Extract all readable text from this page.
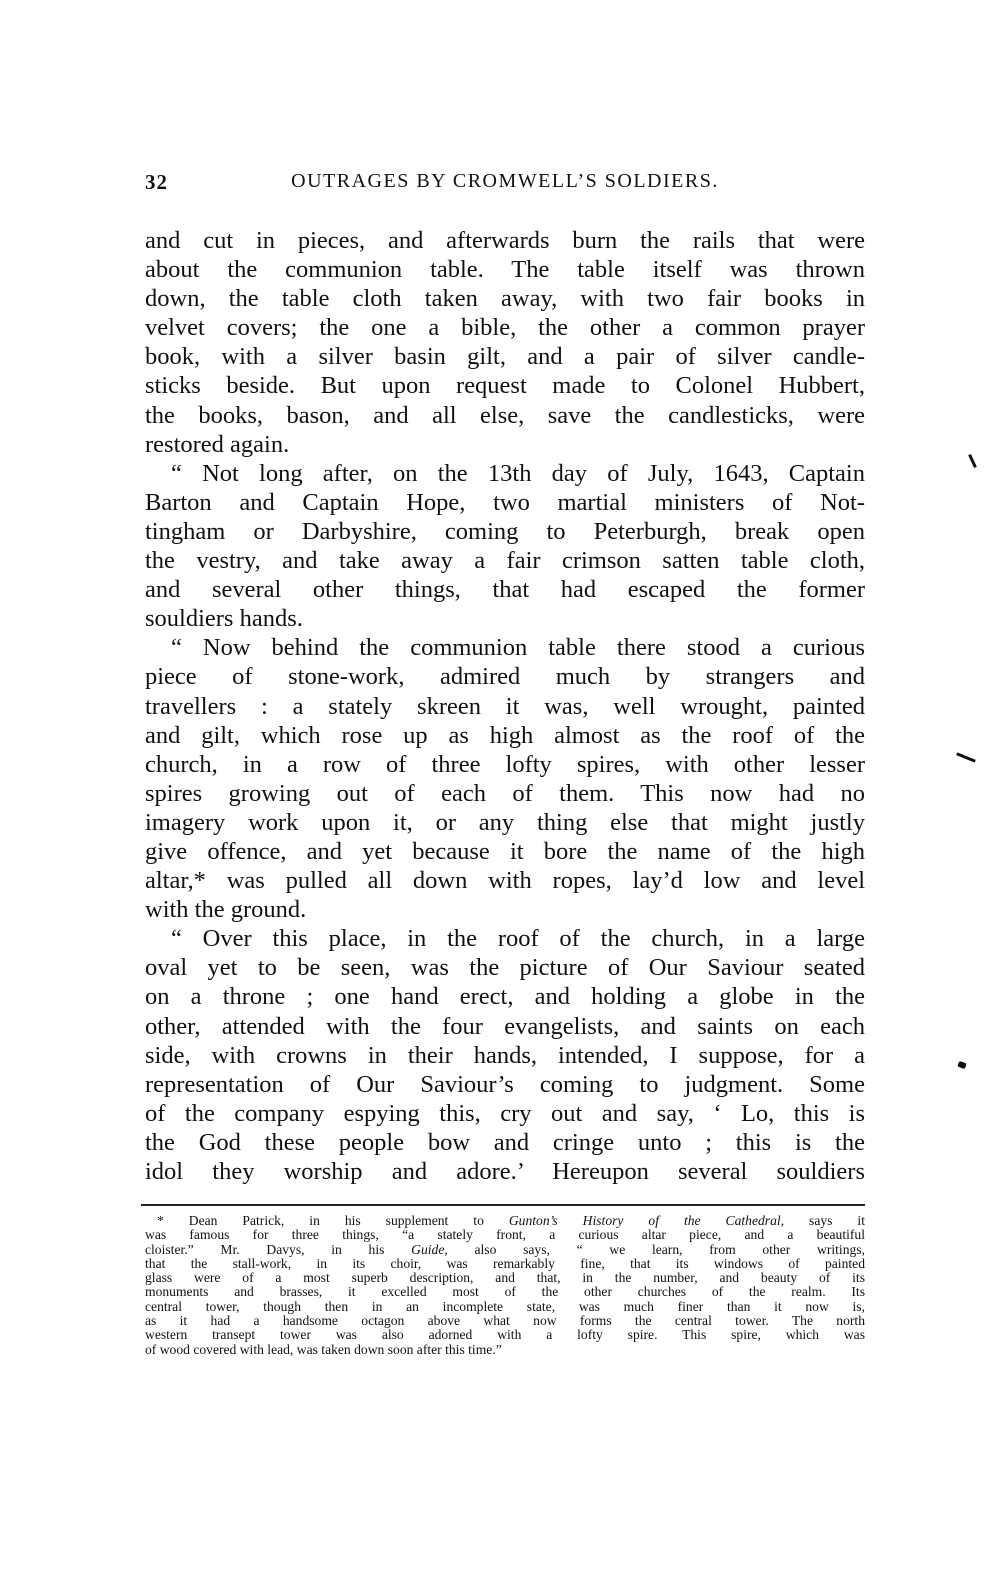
32	OUTRAGES BY CROMWELL’S SOLDIERS.
and cut in pieces, and afterwards burn the rails that were
about the communion table. The table itself was thrown
down, the table cloth taken away, with two fair books in
velvet covers; the one a bible, the other a common prayer
book, with a silver basin gilt, and a pair of silver candle-
sticks beside. But upon request made to Colonel Hubbert,
the books, bason, and all else, save the candlesticks, were
restored again.
“ Not long after, on the 13th day of July, 1643, Captain
Barton and Captain Hope, two martial ministers of Not-
tingham or Darbyshire, coming to Peterburgh, break open
the vestry, and take away a fair crimson satten table cloth,
and several other things, that had escaped the former
souldiers hands.
“ Now behind the communion table there stood a curious
piece of stone-work, admired much by strangers and
travellers : a stately skreen it was, well wrought, painted
and gilt, which rose up as high almost as the roof of the
church, in a row of three lofty spires, with other lesser
spires growing out of each of them. This now had no
imagery work upon it, or any thing else that might justly
give offence, and yet because it bore the name of the high
altar,* was pulled all down with ropes, lay’d low and level
with the ground.
“ Over this place, in the roof of the church, in a large
oval yet to be seen, was the picture of Our Saviour seated
on a throne ; one hand erect, and holding a globe in the
other, attended with the four evangelists, and saints on each
side, with crowns in their hands, intended, I suppose, for a
representation of Our Saviour’s coming to judgment. Some
of the company espying this, cry out and say, ‘ Lo, this is
the God these people bow and cringe unto ; this is the
idol they worship and adore.’ Hereupon several souldiers
* Dean Patrick, in his supplement to Gunton’s History of the Cathedral, says it
was famous for three things, “a stately front, a curious altar piece, and a beautiful
cloister.” Mr. Davys, in his Guide, also says, “ we learn, from other writings,
that the stall-work, in its choir, was remarkably fine, that its windows of painted
glass were of a most superb description, and that, in the number, and beauty of its
monuments and brasses, it excelled most of the other churches of the realm. Its
central tower, though then in an incomplete state, was much finer than it now is,
as it had a handsome octagon above what now forms the central tower. The north
western transept tower was also adorned with a lofty spire. This spire, which was
of wood covered with lead, was taken down soon after this time.”
